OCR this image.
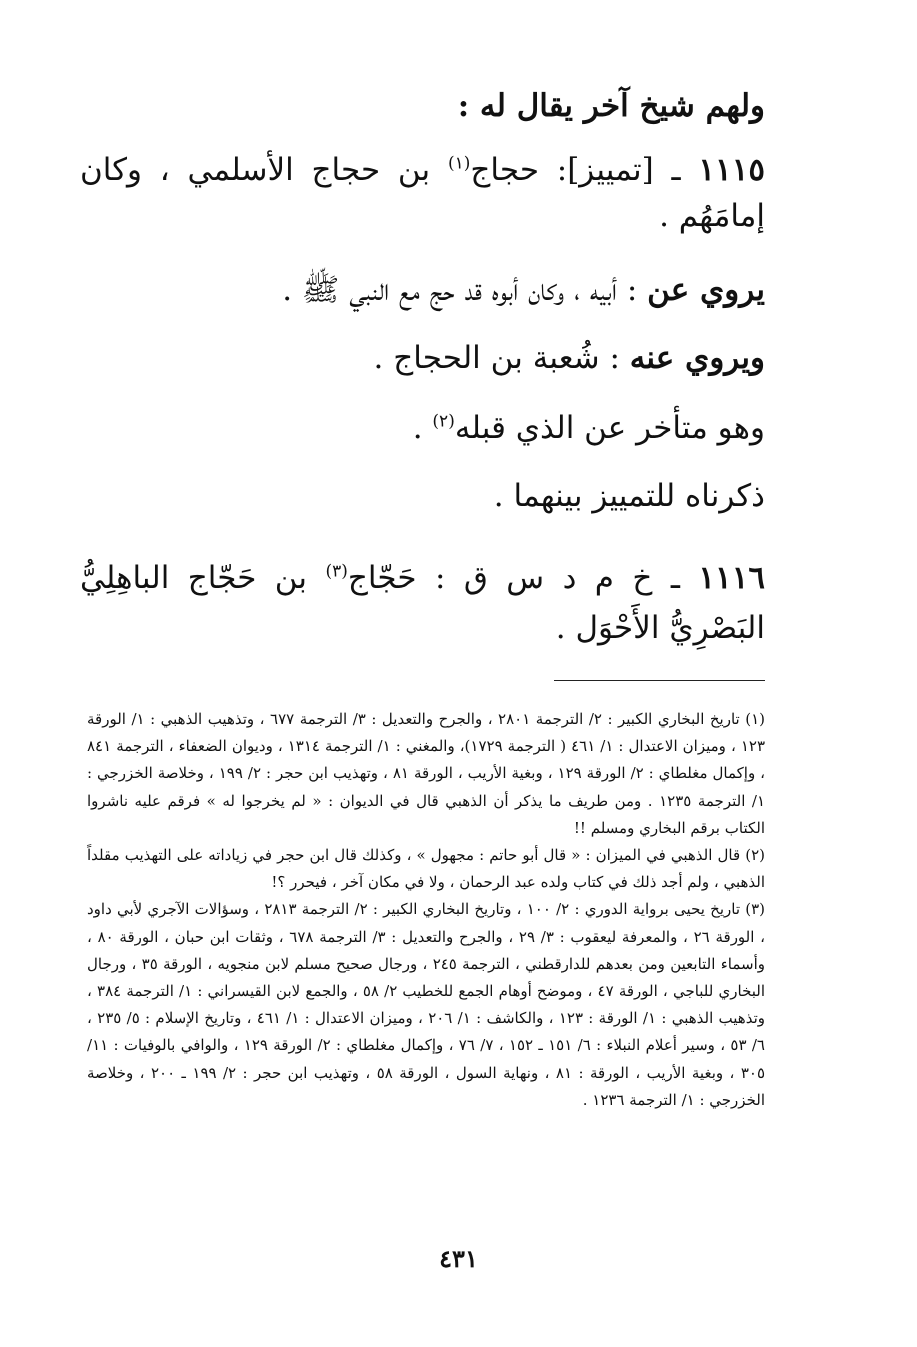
ولهم شيخ آخر يقال له :
١١١٥ ـ [تمييز]: حجاج$^{(١)}$ بن حجاج الأسلمي ، وكان
إمامَهُم .
يروي عن : أبيه ، وكان أبوه قد حج مع النبي ﷺ .
ويروي عنه : شُعبة بن الحجاج .
وهو متأخر عن الذي قبله$^{(٢)}$ .
ذكرناه للتمييز بينهما .
١١١٦ ـ خ م د س ق : حَجّاج$^{(٣)}$ بن حَجّاج الباهِلِيُّ
البَصْرِيُّ الأَحْوَل .

(١) تاريخ البخاري الكبير : ٢/ الترجمة ٢٨٠١ ، والجرح والتعديل : ٣/ الترجمة ٦٧٧ ، وتذهيب الذهبي : ١/ الورقة ١٢٣ ، وميزان الاعتدال : ١/ ٤٦١ ( الترجمة ١٧٢٩)، والمغني : ١/ الترجمة ١٣١٤ ، وديوان الضعفاء ، الترجمة ٨٤١ ، وإكمال مغلطاي : ٢/ الورقة ١٢٩ ، وبغية الأريب ، الورقة ٨١ ، وتهذيب ابن حجر : ٢/ ١٩٩ ، وخلاصة الخزرجي : ١/ الترجمة ١٢٣٥ . ومن طريف ما يذكر أن الذهبي قال في الديوان : « لم يخرجوا له » فرقم عليه ناشروا الكتاب برقم البخاري ومسلم !!

(٢) قال الذهبي في الميزان : « قال أبو حاتم : مجهول » ، وكذلك قال ابن حجر في زياداته على التهذيب مقلداً الذهبي ، ولم أجد ذلك في كتاب ولده عبد الرحمان ، ولا في مكان آخر ، فيحرر ؟!

(٣) تاريخ يحيى برواية الدوري : ٢/ ١٠٠ ، وتاريخ البخاري الكبير : ٢/ الترجمة ٢٨١٣ ، وسؤالات الآجري لأبي داود ، الورقة ٢٦ ، والمعرفة ليعقوب : ٣/ ٢٩ ، والجرح والتعديل : ٣/ الترجمة ٦٧٨ ، وثقات ابن حبان ، الورقة ٨٠ ، وأسماء التابعين ومن بعدهم للدارقطني ، الترجمة ٢٤٥ ، ورجال صحيح مسلم لابن منجويه ، الورقة ٣٥ ، ورجال البخاري للباجي ، الورقة ٤٧ ، وموضح أوهام الجمع للخطيب ٢/ ٥٨ ، والجمع لابن القيسراني : ١/ الترجمة ٣٨٤ ، وتذهيب الذهبي : ١/ الورقة : ١٢٣ ، والكاشف : ١/ ٢٠٦ ، وميزان الاعتدال : ١/ ٤٦١ ، وتاريخ الإسلام : ٥/ ٢٣٥ ، ٦/ ٥٣ ، وسير أعلام النبلاء : ٦/ ١٥١ ـ ١٥٢ ، ٧/ ٧٦ ، وإكمال مغلطاي : ٢/ الورقة ١٢٩ ، والوافي بالوفيات : ١١/ ٣٠٥ ، وبغية الأريب ، الورقة : ٨١ ، ونهاية السول ، الورقة ٥٨ ، وتهذيب ابن حجر : ٢/ ١٩٩ ـ ٢٠٠ ، وخلاصة الخزرجي : ١/ الترجمة ١٢٣٦ .

٤٣١
